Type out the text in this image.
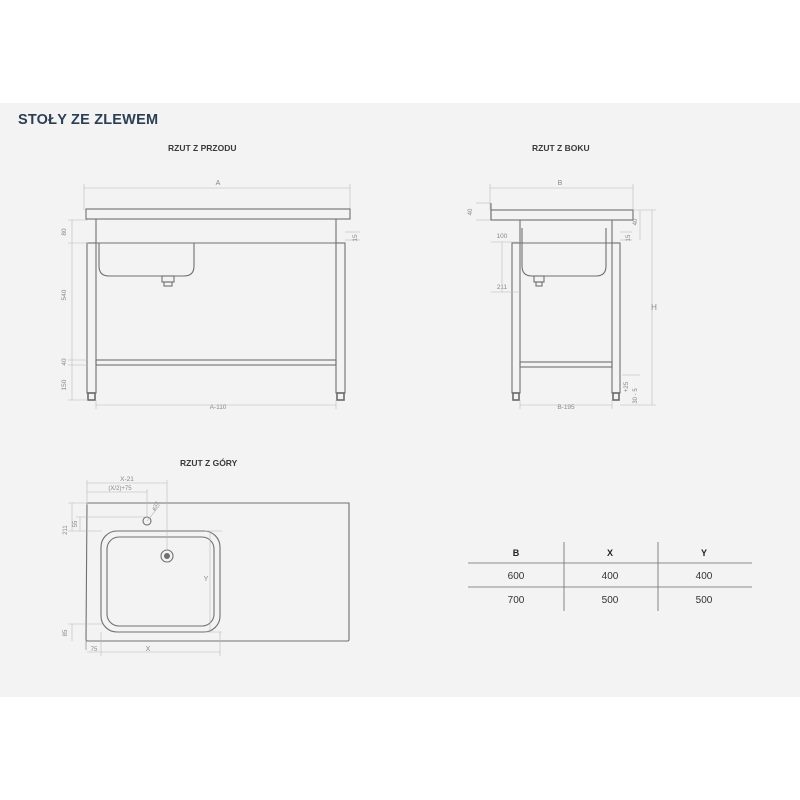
STOŁY ZE ZLEWEM
RZUT Z PRZODU	RZUT Z BOKU
RZUT Z GÓRY
A
80
540
40
150
15
A-110
B
40
100
211
15
40
H
+25
30 - 5
B-195
X-21
(X/2)+75
ø33
211
55
85
Y
75	X
B	X	Y
600	400	400
700	500	500
